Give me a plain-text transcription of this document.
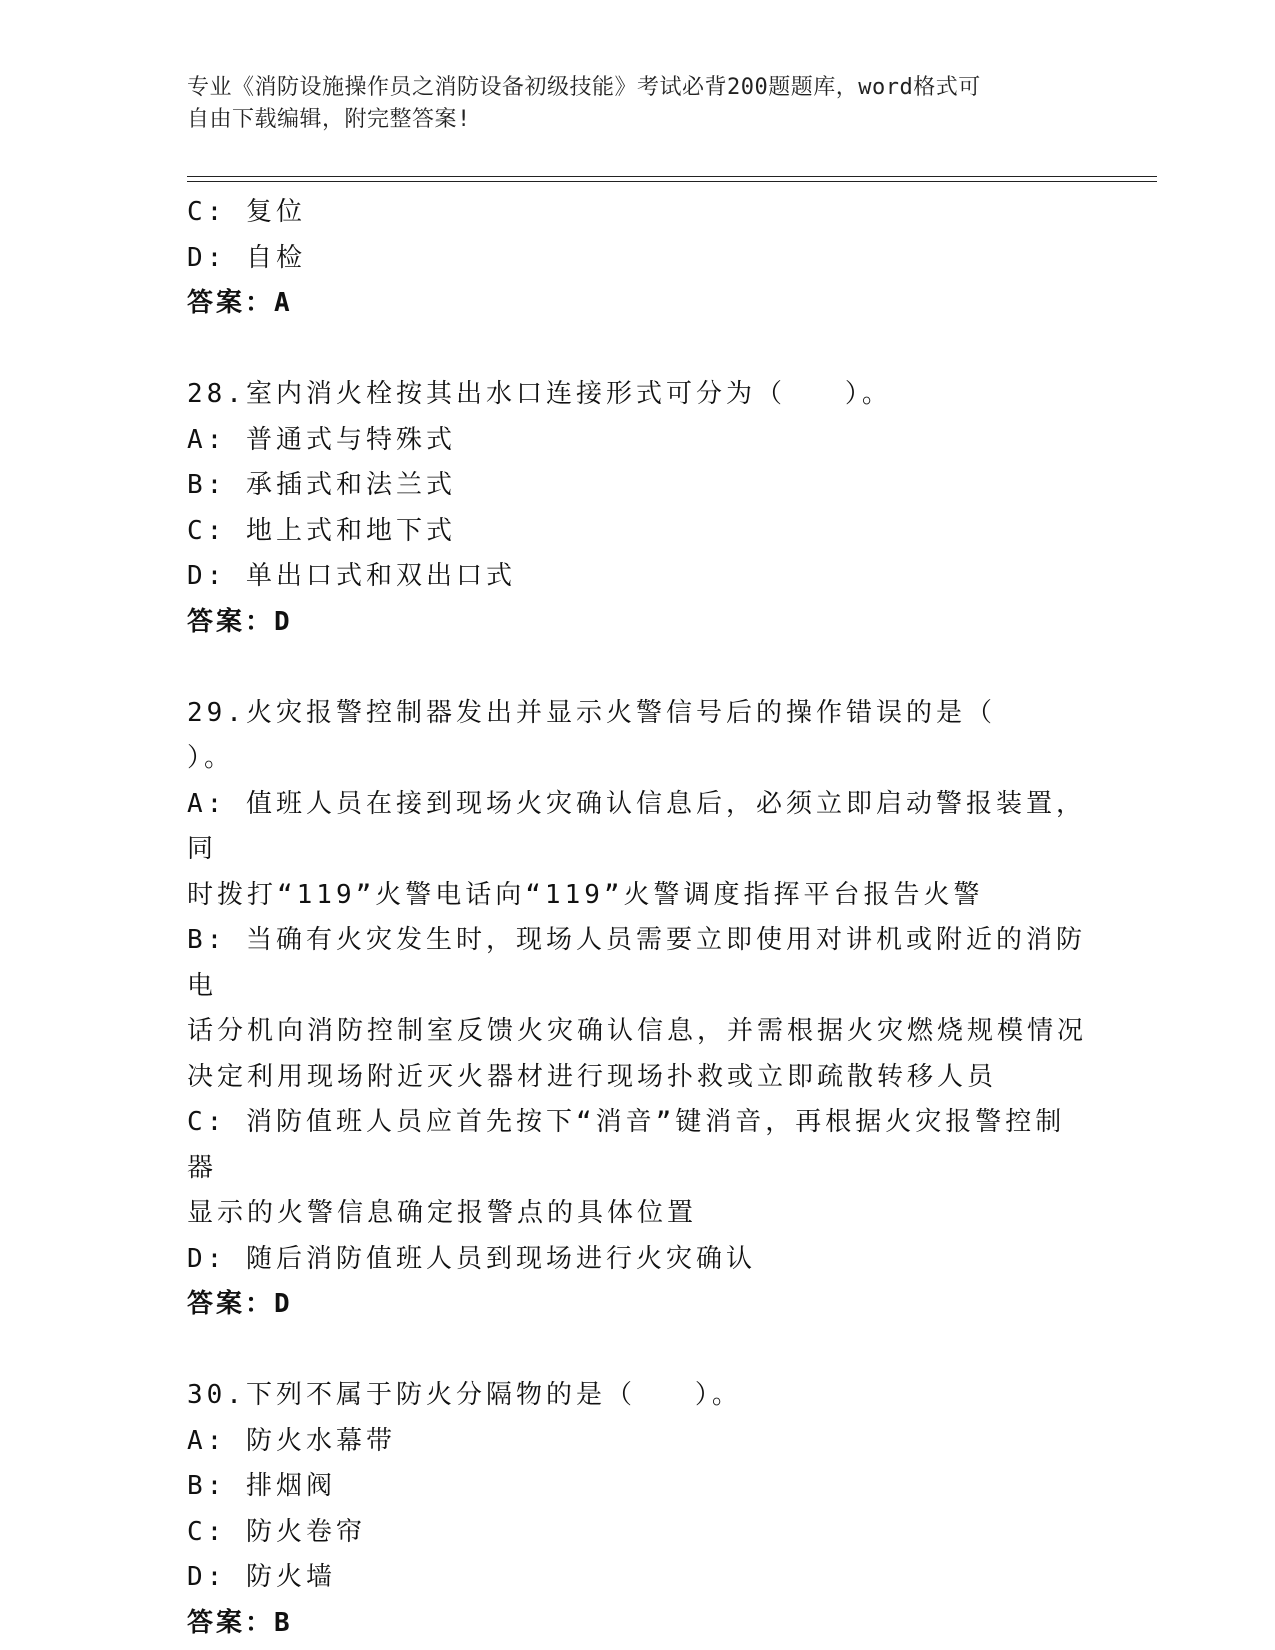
专业《消防设施操作员之消防设备初级技能》考试必背200题题库，word格式可
自由下载编辑，附完整答案!
C: 复位
D: 自检
答案：A
28.室内消火栓按其出水口连接形式可分为（   ）。
A: 普通式与特殊式
B: 承插式和法兰式
C: 地上式和地下式
D: 单出口式和双出口式
答案：D
29.火灾报警控制器发出并显示火警信号后的操作错误的是（   ）。
A: 值班人员在接到现场火灾确认信息后，必须立即启动警报装置，同
时拨打“119”火警电话向“119”火警调度指挥平台报告火警
B: 当确有火灾发生时，现场人员需要立即使用对讲机或附近的消防电
话分机向消防控制室反馈火灾确认信息，并需根据火灾燃烧规模情况
决定利用现场附近灭火器材进行现场扑救或立即疏散转移人员
C: 消防值班人员应首先按下“消音”键消音，再根据火灾报警控制器
显示的火警信息确定报警点的具体位置
D: 随后消防值班人员到现场进行火灾确认
答案：D
30.下列不属于防火分隔物的是（   ）。
A: 防火水幕带
B: 排烟阀
C: 防火卷帘
D: 防火墙
答案：B
